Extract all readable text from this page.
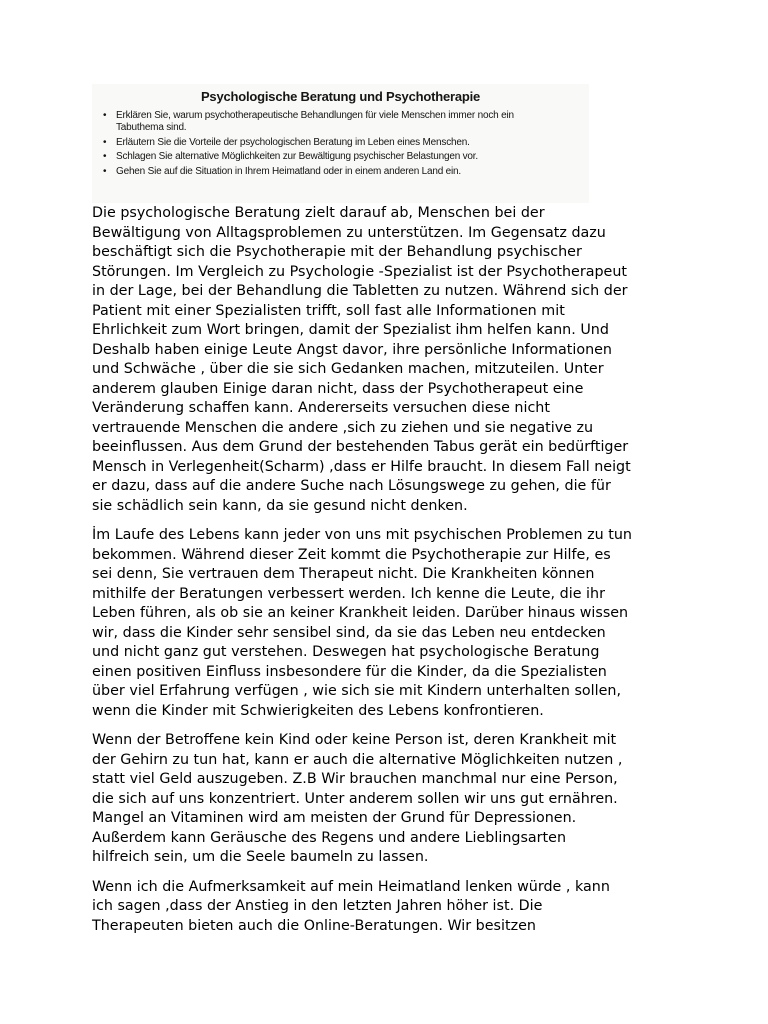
Psychologische Beratung und Psychotherapie
• Erklären Sie, warum psychotherapeutische Behandlungen für viele Menschen immer noch ein
Tabuthema sind.
• Erläutern Sie die Vorteile der psychologischen Beratung im Leben eines Menschen.
• Schlagen Sie alternative Möglichkeiten zur Bewältigung psychischer Belastungen vor.
• Gehen Sie auf die Situation in Ihrem Heimatland oder in einem anderen Land ein.

Die psychologische Beratung zielt darauf ab, Menschen bei der
Bewältigung von Alltagsproblemen zu unterstützen. Im Gegensatz dazu
beschäftigt sich die Psychotherapie mit der Behandlung psychischer
Störungen. Im Vergleich zu Psychologie -Spezialist ist der Psychotherapeut
in der Lage, bei der Behandlung die Tabletten zu nutzen. Während sich der
Patient mit einer Spezialisten trifft, soll fast alle Informationen mit
Ehrlichkeit zum Wort bringen, damit der Spezialist ihm helfen kann. Und
Deshalb haben einige Leute Angst davor, ihre persönliche Informationen
und Schwäche , über die sie sich Gedanken machen, mitzuteilen. Unter
anderem glauben Einige daran nicht, dass der Psychotherapeut eine
Veränderung schaffen kann. Andererseits versuchen diese nicht
vertrauende Menschen die andere ,sich zu ziehen und sie negative zu
beeinflussen. Aus dem Grund der bestehenden Tabus gerät ein bedürftiger
Mensch in Verlegenheit(Scharm) ,dass er Hilfe braucht. In diesem Fall neigt
er dazu, dass auf die andere Suche nach Lösungswege zu gehen, die für
sie schädlich sein kann, da sie gesund nicht denken.

İm Laufe des Lebens kann jeder von uns mit psychischen Problemen zu tun
bekommen. Während dieser Zeit kommt die Psychotherapie zur Hilfe, es
sei denn, Sie vertrauen dem Therapeut nicht. Die Krankheiten können
mithilfe der Beratungen verbessert werden. Ich kenne die Leute, die ihr
Leben führen, als ob sie an keiner Krankheit leiden. Darüber hinaus wissen
wir, dass die Kinder sehr sensibel sind, da sie das Leben neu entdecken
und nicht ganz gut verstehen. Deswegen hat psychologische Beratung
einen positiven Einfluss insbesondere für die Kinder, da die Spezialisten
über viel Erfahrung verfügen , wie sich sie mit Kindern unterhalten sollen,
wenn die Kinder mit Schwierigkeiten des Lebens konfrontieren.

Wenn der Betroffene kein Kind oder keine Person ist, deren Krankheit mit
der Gehirn zu tun hat, kann er auch die alternative Möglichkeiten nutzen ,
statt viel Geld auszugeben. Z.B Wir brauchen manchmal nur eine Person,
die sich auf uns konzentriert. Unter anderem sollen wir uns gut ernähren.
Mangel an Vitaminen wird am meisten der Grund für Depressionen.
Außerdem kann Geräusche des Regens und andere Lieblingsarten
hilfreich sein, um die Seele baumeln zu lassen.

Wenn ich die Aufmerksamkeit auf mein Heimatland lenken würde , kann
ich sagen ,dass der Anstieg in den letzten Jahren höher ist. Die
Therapeuten bieten auch die Online-Beratungen. Wir besitzen
